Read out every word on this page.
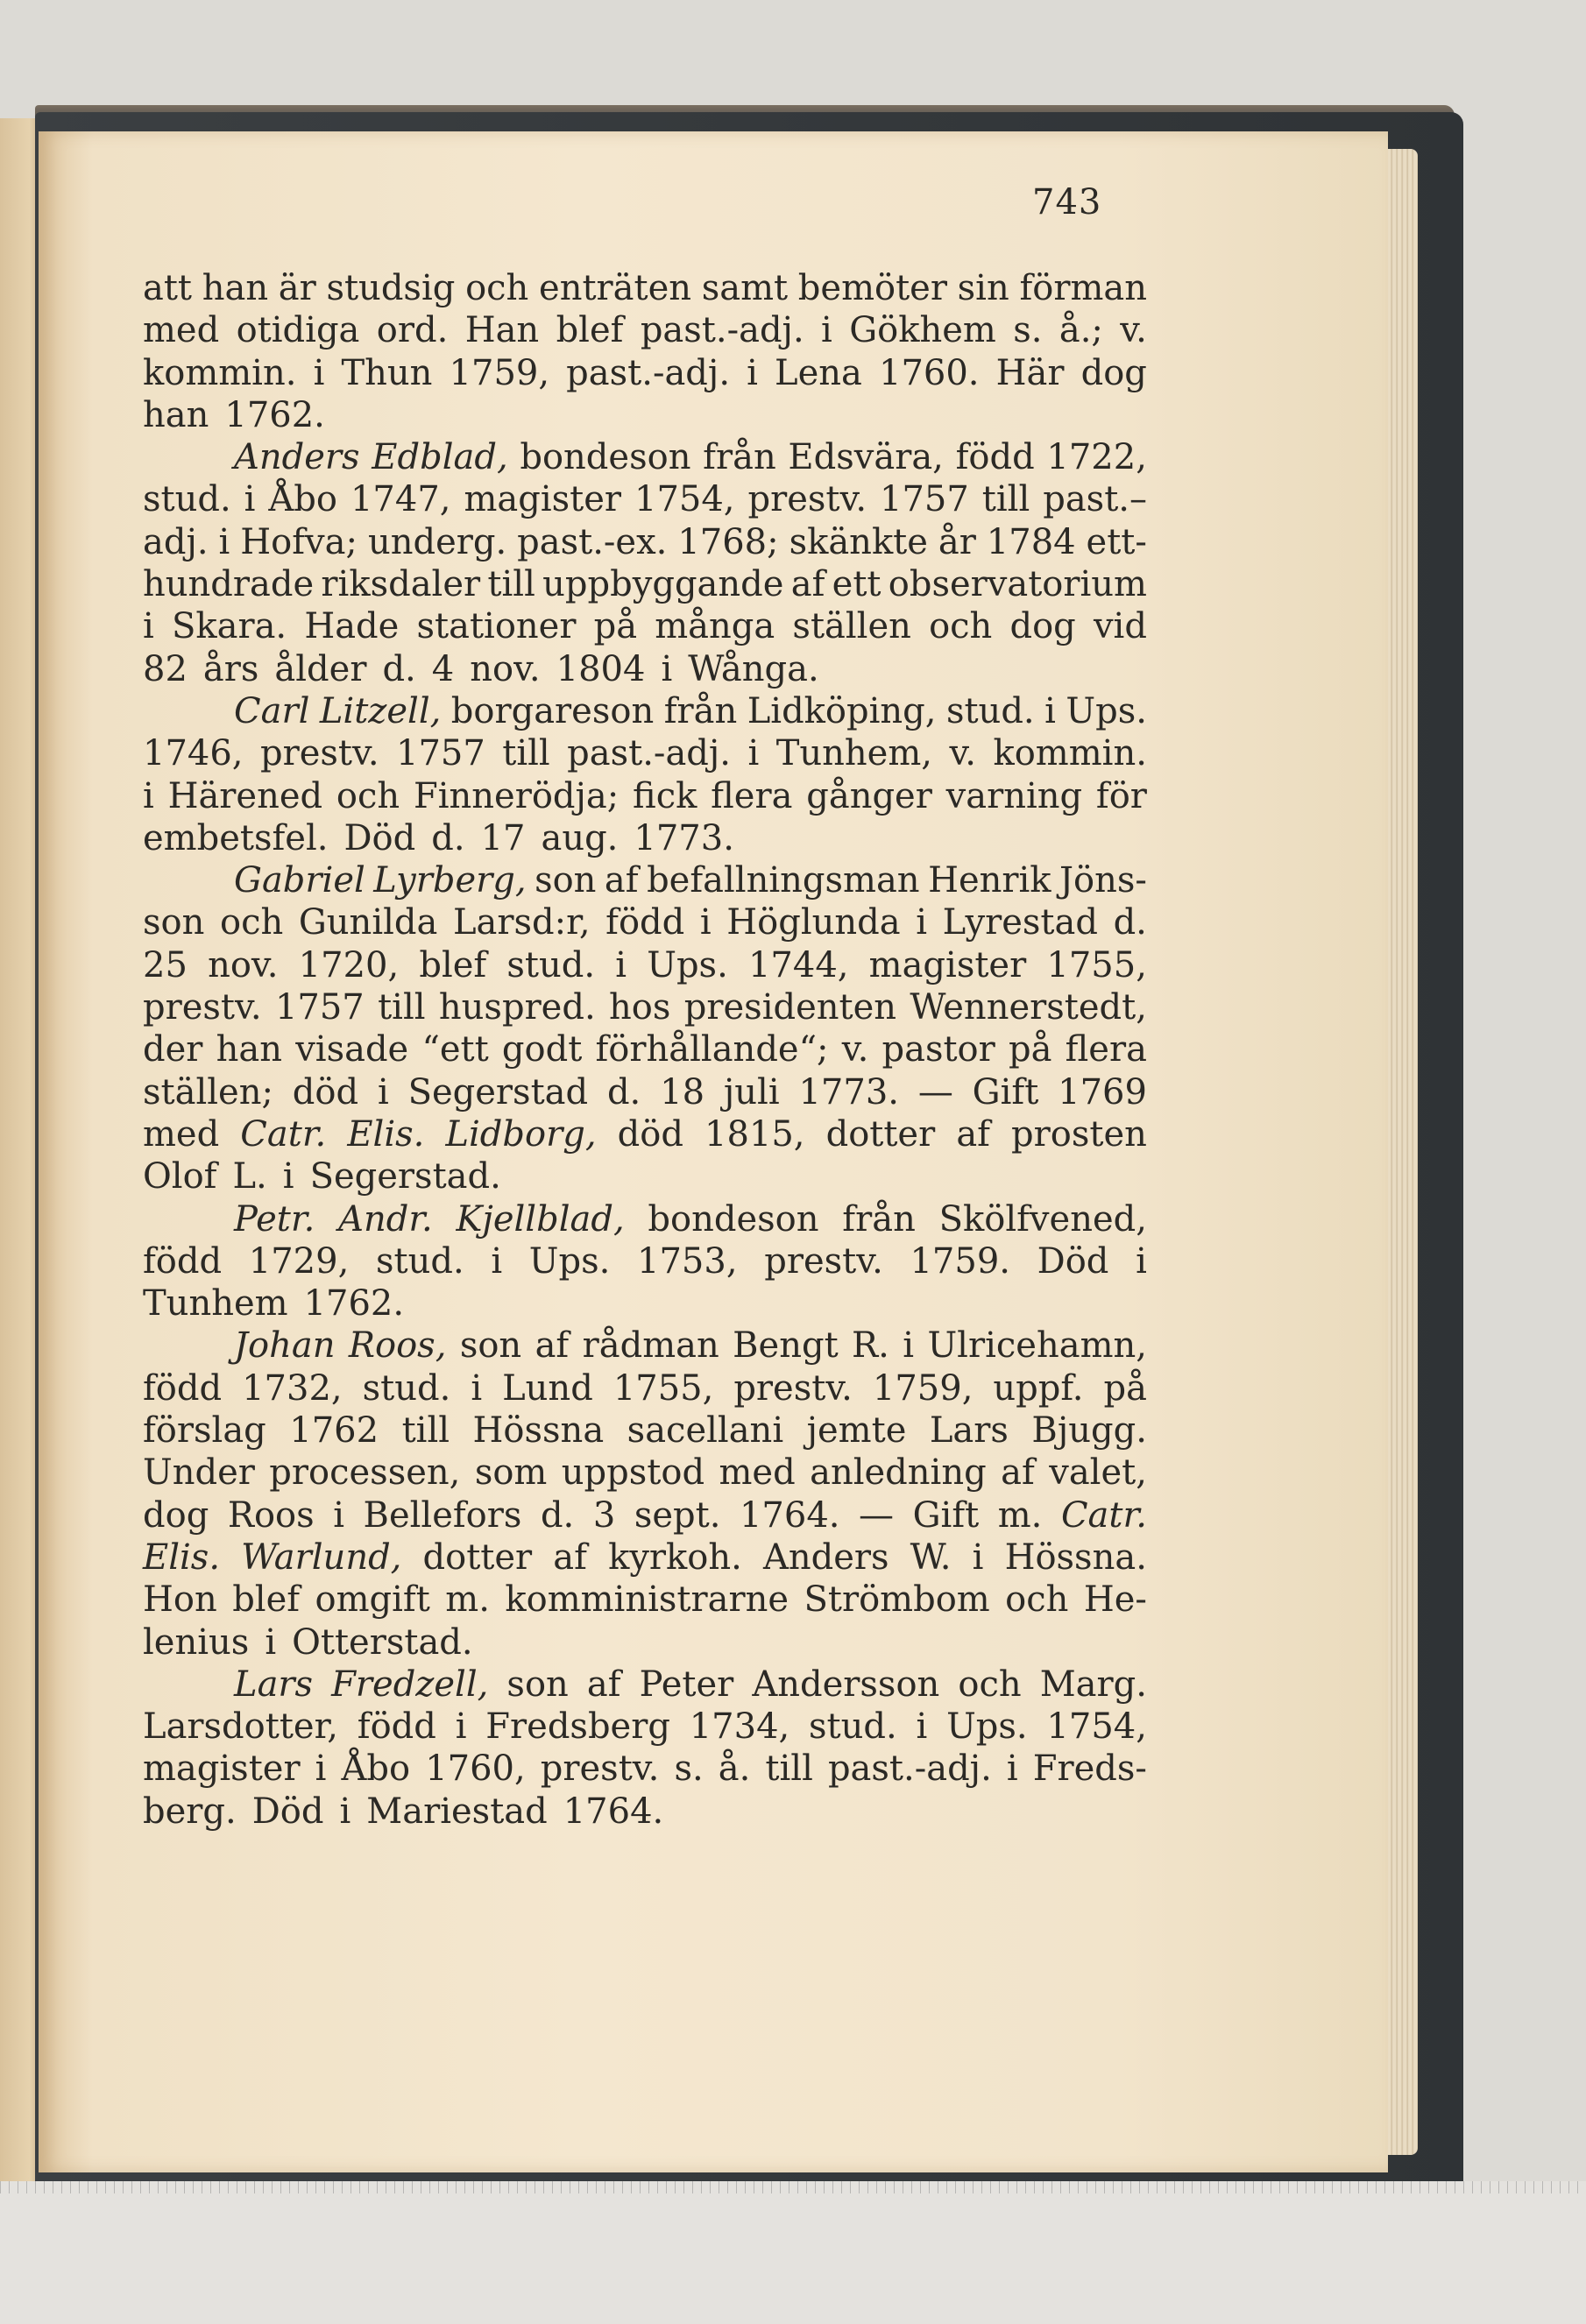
743
att han är studsig och enträten samt bemöter sin förman
med otidiga ord. Han blef past.-adj. i Gökhem s. å.; v.
kommin. i Thun 1759, past.-adj. i Lena 1760. Här dog
han 1762.
Anders Edblad, bondeson från Edsvära, född 1722,
stud. i Åbo 1747, magister 1754, prestv. 1757 till past.–
adj. i Hofva; underg. past.-ex. 1768; skänkte år 1784 ett-
hundrade riksdaler till uppbyggande af ett observatorium
i Skara. Hade stationer på många ställen och dog vid
82 års ålder d. 4 nov. 1804 i Wånga.
Carl Litzell, borgareson från Lidköping, stud. i Ups.
1746, prestv. 1757 till past.-adj. i Tunhem, v. kommin.
i Härened och Finnerödja; fick flera gånger varning för
embetsfel. Död d. 17 aug. 1773.
Gabriel Lyrberg, son af befallningsman Henrik Jöns-
son och Gunilda Larsd:r, född i Höglunda i Lyrestad d.
25 nov. 1720, blef stud. i Ups. 1744, magister 1755,
prestv. 1757 till huspred. hos presidenten Wennerstedt,
der han visade “ett godt förhållande“; v. pastor på flera
ställen; död i Segerstad d. 18 juli 1773. — Gift 1769
med Catr. Elis. Lidborg, död 1815, dotter af prosten
Olof L. i Segerstad.
Petr. Andr. Kjellblad, bondeson från Skölfvened,
född 1729, stud. i Ups. 1753, prestv. 1759. Död i
Tunhem 1762.
Johan Roos, son af rådman Bengt R. i Ulricehamn,
född 1732, stud. i Lund 1755, prestv. 1759, uppf. på
förslag 1762 till Hössna sacellani jemte Lars Bjugg.
Under processen, som uppstod med anledning af valet,
dog Roos i Bellefors d. 3 sept. 1764. — Gift m. Catr.
Elis. Warlund, dotter af kyrkoh. Anders W. i Hössna.
Hon blef omgift m. komministrarne Strömbom och He-
lenius i Otterstad.
Lars Fredzell, son af Peter Andersson och Marg.
Larsdotter, född i Fredsberg 1734, stud. i Ups. 1754,
magister i Åbo 1760, prestv. s. å. till past.-adj. i Freds-
berg. Död i Mariestad 1764.
